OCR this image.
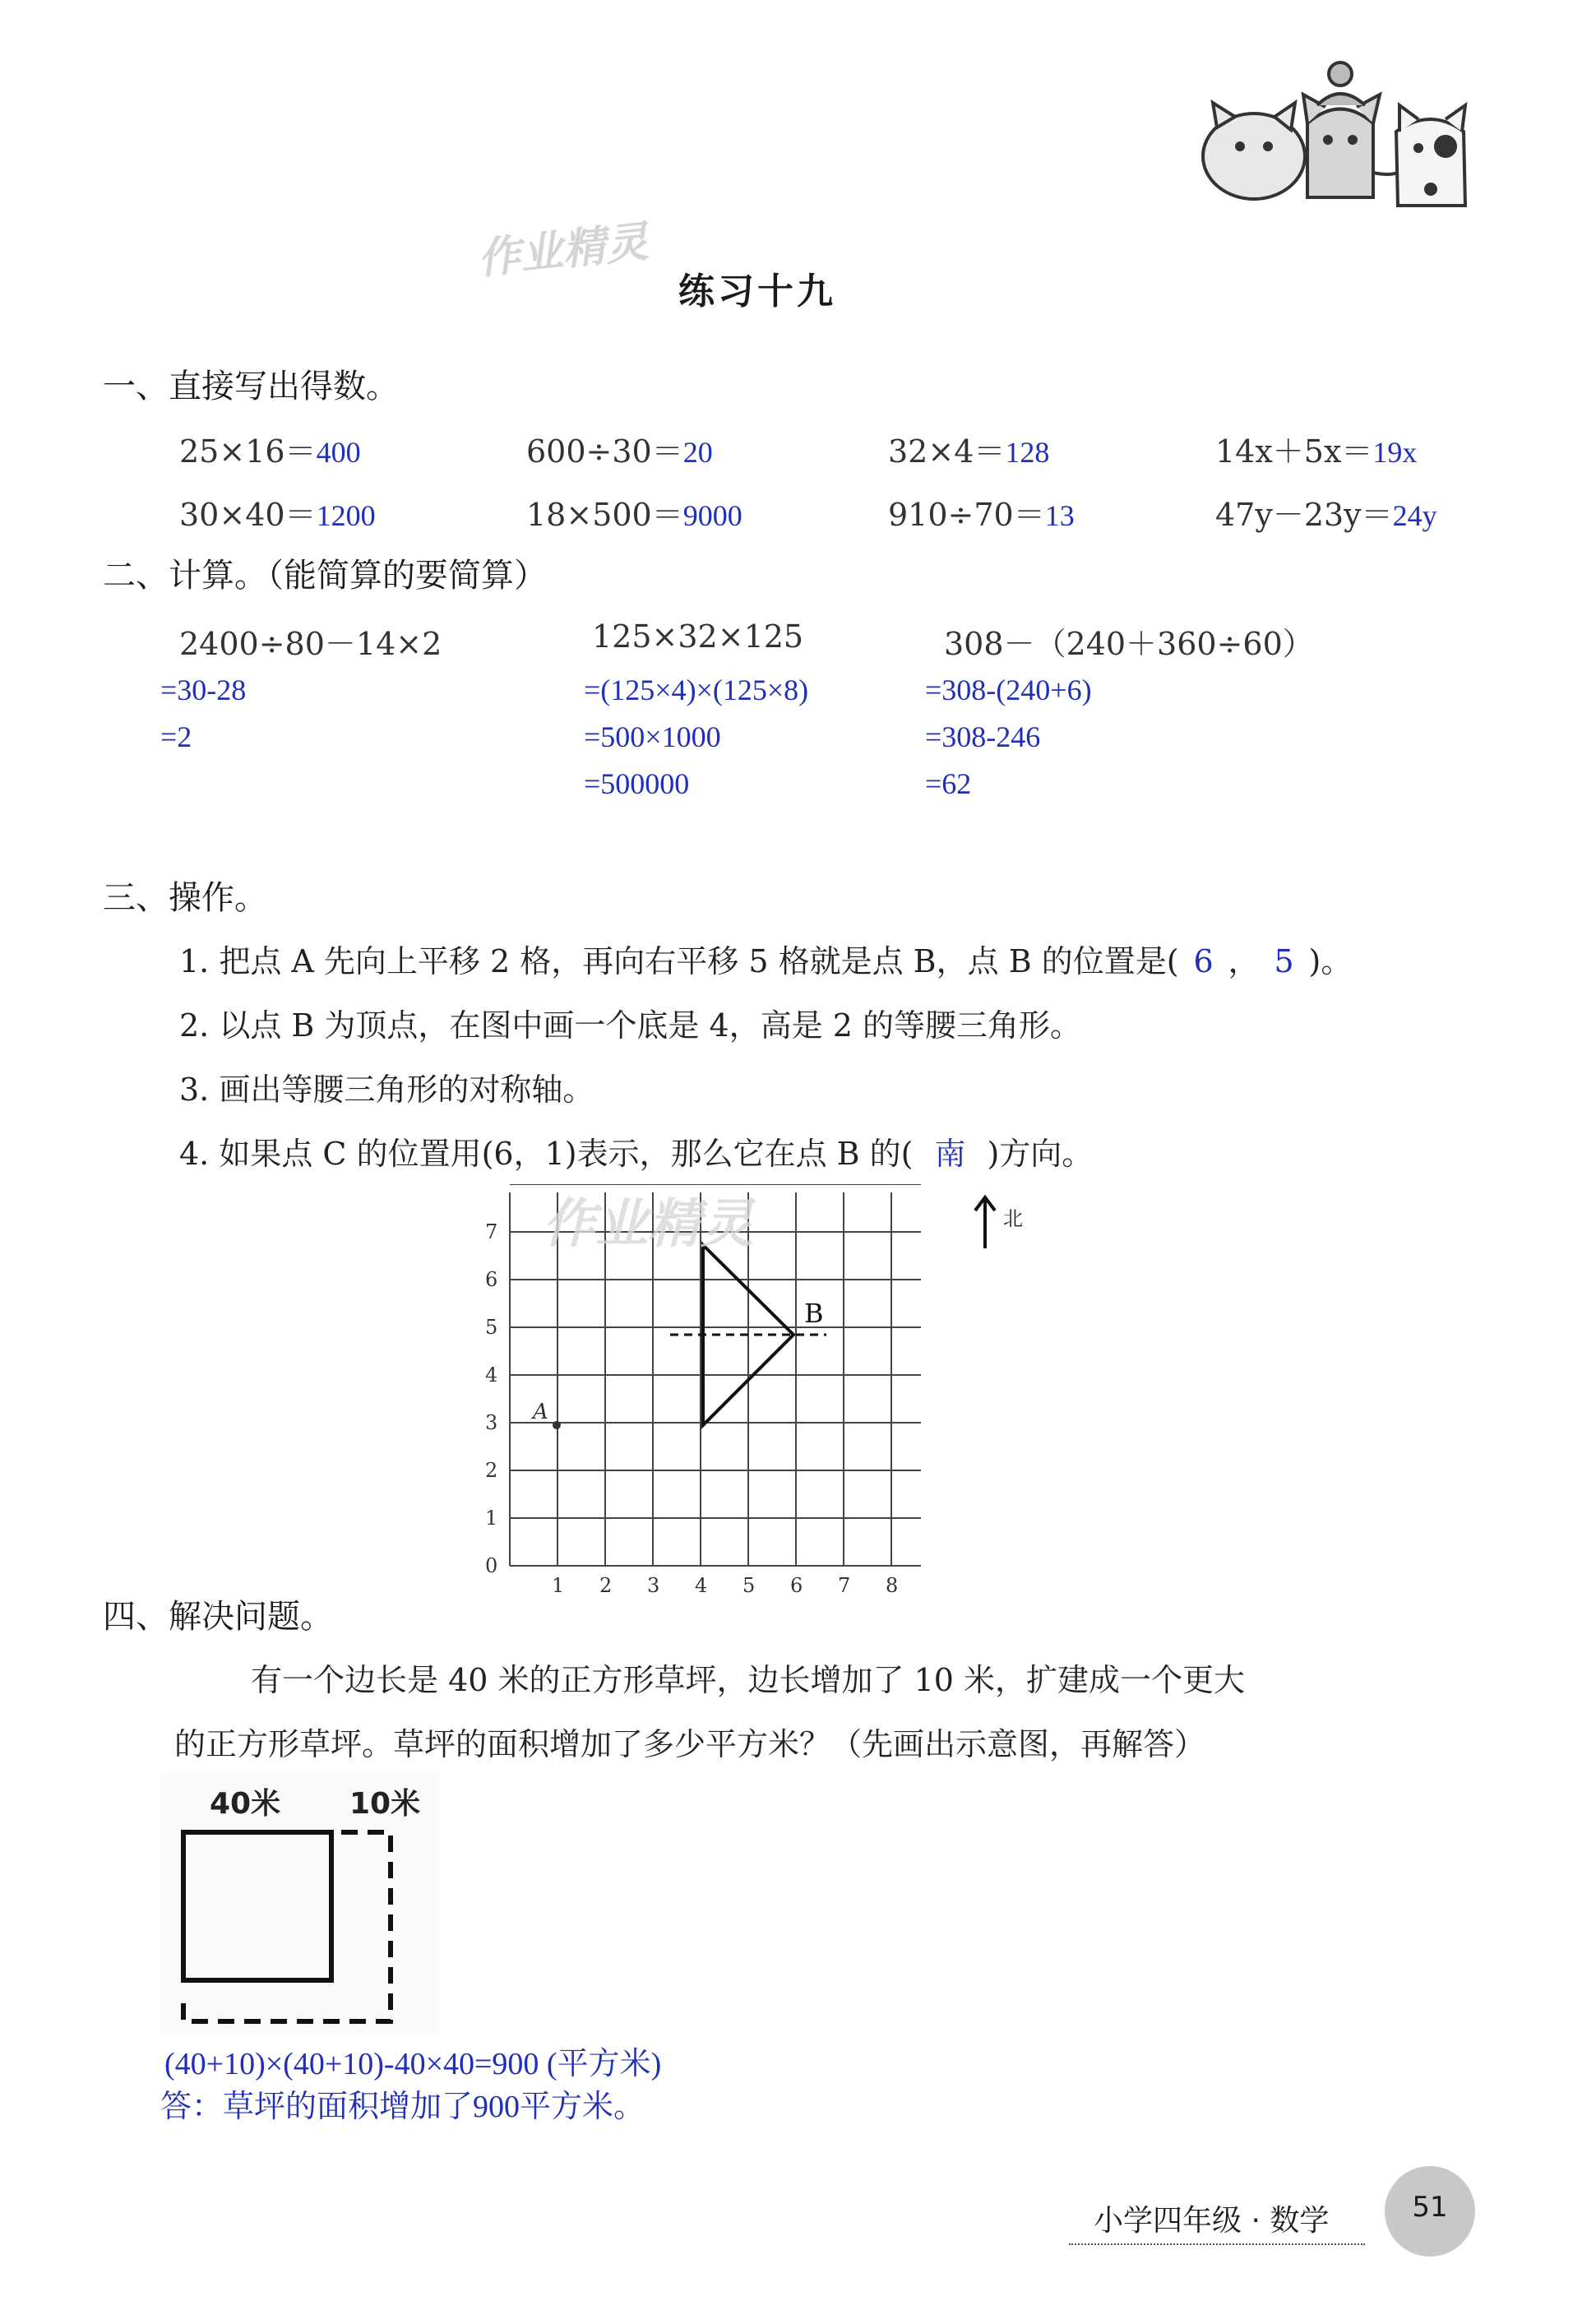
作业精灵
练习十九
一、直接写出得数。
25×16＝400	600÷30＝20	32×4＝128	14x＋5x＝19x
30×40＝1200	18×500＝9000	910÷70＝13	47y－23y＝24y
二、计算。（能简算的要简算）
2400÷80－14×2
=30-28
=2
125×32×125
=(125×4)×(125×8)
=500×1000
=500000
308－（240＋360÷60）
=308-(240+6)
=308-246
=62
三、操作。
1. 把点 A 先向上平移 2 格，再向右平移 5 格就是点 B，点 B 的位置是( 6 ， 5 )。
2. 以点 B 为顶点，在图中画一个底是 4，高是 2 的等腰三角形。
3. 画出等腰三角形的对称轴。
4. 如果点 C 的位置用(6，1)表示，那么它在点 B 的( 南 )方向。
1 2 3 4 5 6 7 8
0
1
2
3
4
5
6
7
A
B
作业精灵	北
四、解决问题。
有一个边长是 40 米的正方形草坪，边长增加了 10 米，扩建成一个更大
的正方形草坪。草坪的面积增加了多少平方米？（先画出示意图，再解答）
40米 10米
(40+10)×(40+10)-40×40=900 (平方米)
答：草坪的面积增加了900平方米。
小学四年级 · 数学	51
